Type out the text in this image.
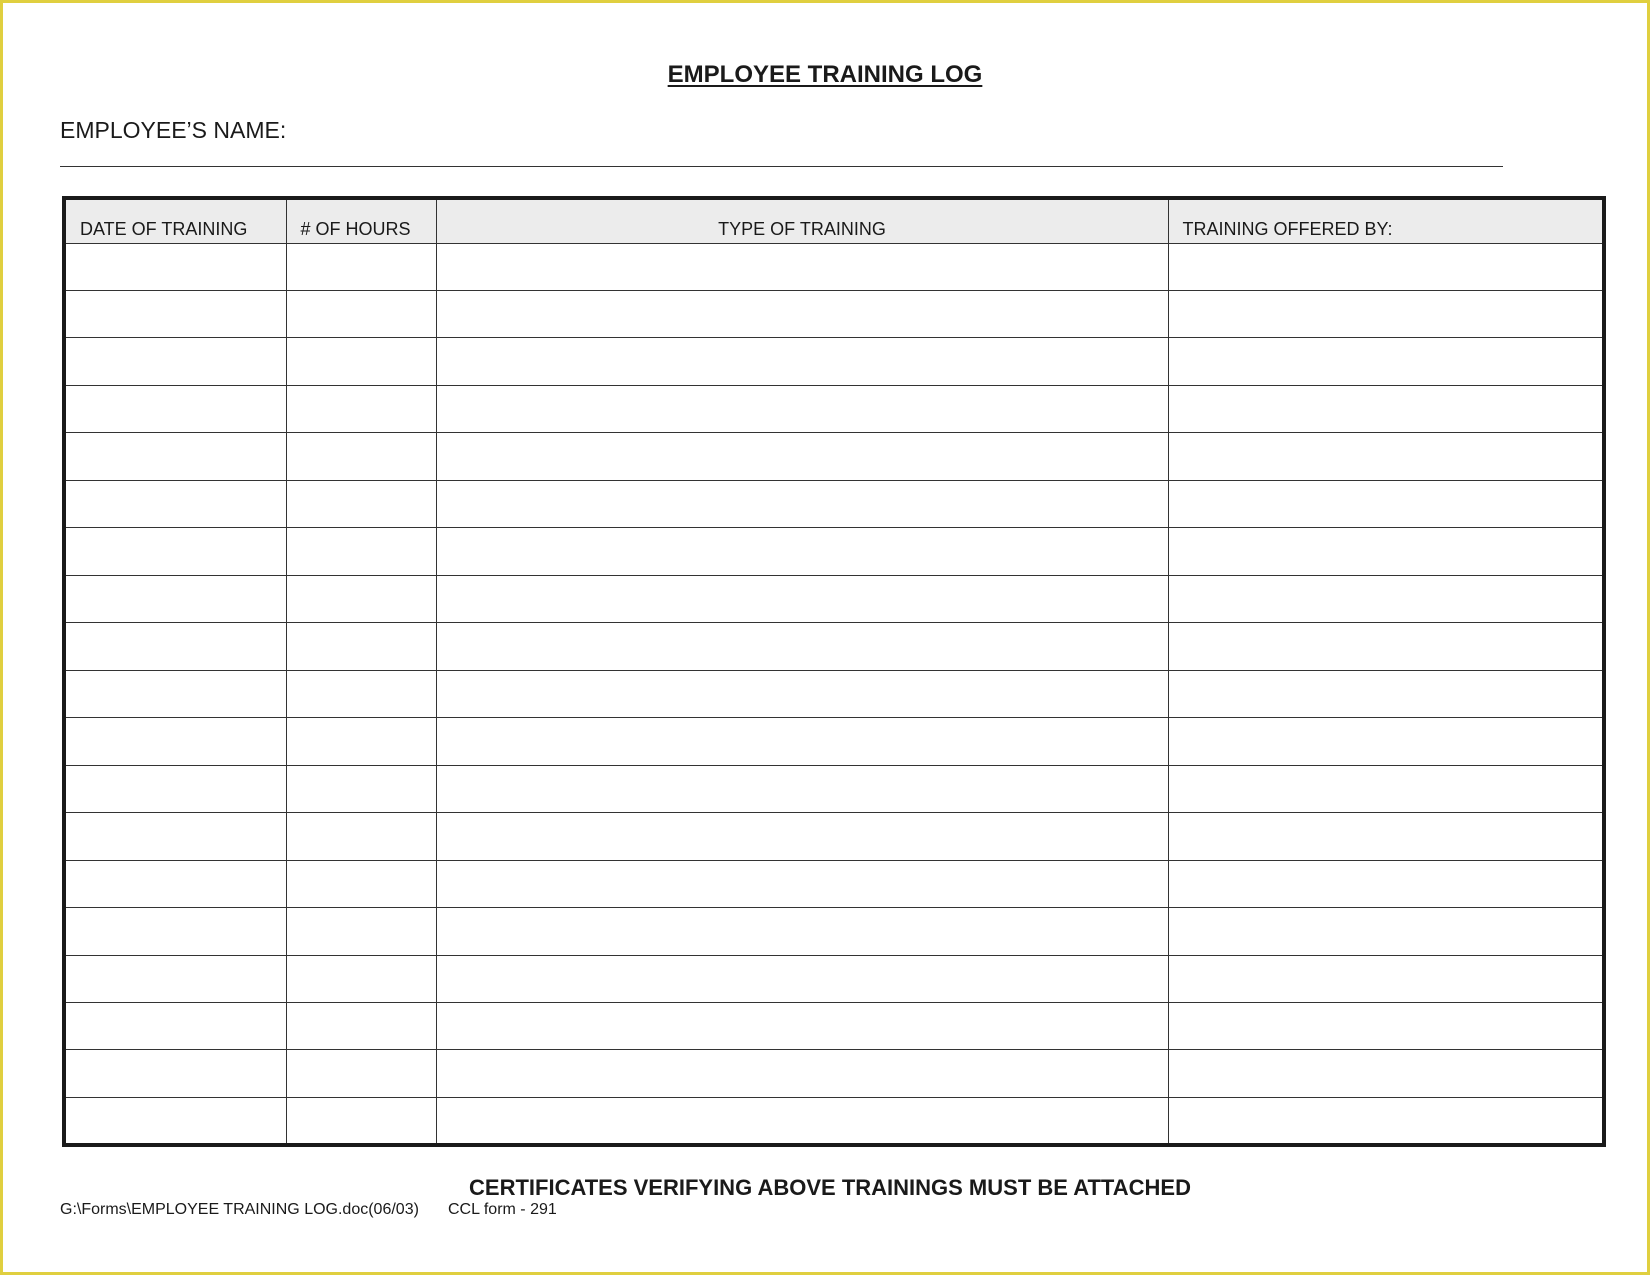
EMPLOYEE TRAINING LOG
EMPLOYEE’S NAME:
DATE OF TRAINING	# OF HOURS	TYPE OF TRAINING	TRAINING OFFERED BY:

CERTIFICATES VERIFYING ABOVE TRAININGS MUST BE ATTACHED
G:\Forms\EMPLOYEE TRAINING LOG.doc(06/03) CCL form - 291
